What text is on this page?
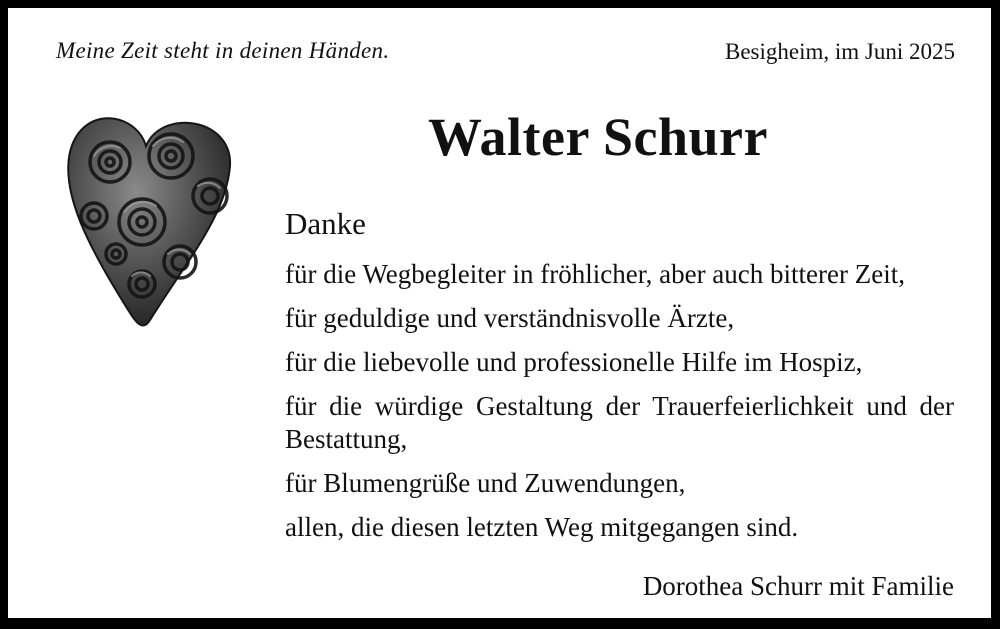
Meine Zeit steht in deinen Händen.	Besigheim, im Juni 2025
Walter Schurr
Danke

für die Wegbegleiter in fröhlicher, aber auch bitterer Zeit,

für geduldige und verständnisvolle Ärzte,

für die liebevolle und professionelle Hilfe im Hospiz,

für die würdige Gestaltung der Trauerfeierlichkeit und der Bestattung,

für Blumengrüße und Zuwendungen,

allen, die diesen letzten Weg mitgegangen sind.

Dorothea Schurr mit Familie
